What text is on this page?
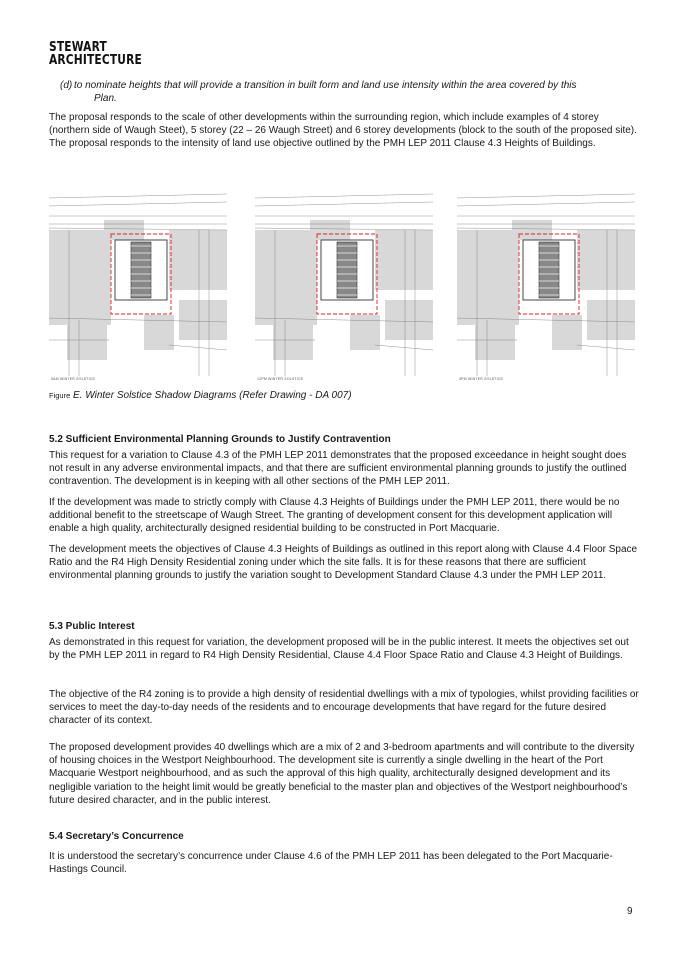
STEWART
ARCHITECTURE
(d) to nominate heights that will provide a transition in built form and land use intensity within the area covered by this
Plan.

The proposal responds to the scale of other developments within the surrounding region, which include examples of 4 storey (northern side of Waugh Steet), 5 storey (22 – 26 Waugh Street) and 6 storey developments (block to the south of the proposed site). The proposal responds to the intensity of land use objective outlined by the PMH LEP 2011 Clause 4.3 Heights of Buildings.

9AM WINTER SOLSTICE	12PM WINTER SOLSTICE	3PM WINTER SOLSTICE
Figure E. Winter Solstice Shadow Diagrams (Refer Drawing - DA 007)
5.2 Sufficient Environmental Planning Grounds to Justify Contravention

This request for a variation to Clause 4.3 of the PMH LEP 2011 demonstrates that the proposed exceedance in height sought does not result in any adverse environmental impacts, and that there are sufficient environmental planning grounds to justify the outlined contravention. The development is in keeping with all other sections of the PMH LEP 2011.

If the development was made to strictly comply with Clause 4.3 Heights of Buildings under the PMH LEP 2011, there would be no additional benefit to the streetscape of Waugh Street. The granting of development consent for this development application will enable a high quality, architecturally designed residential building to be constructed in Port Macquarie.

The development meets the objectives of Clause 4.3 Heights of Buildings as outlined in this report along with Clause 4.4 Floor Space Ratio and the R4 High Density Residential zoning under which the site falls. It is for these reasons that there are sufficient environmental planning grounds to justify the variation sought to Development Standard Clause 4.3 under the PMH LEP 2011.

5.3 Public Interest

As demonstrated in this request for variation, the development proposed will be in the public interest. It meets the objectives set out by the PMH LEP 2011 in regard to R4 High Density Residential, Clause 4.4 Floor Space Ratio and Clause 4.3 Height of Buildings.

The objective of the R4 zoning is to provide a high density of residential dwellings with a mix of typologies, whilst providing facilities or services to meet the day-to-day needs of the residents and to encourage developments that have regard for the future desired character of its context.

The proposed development provides 40 dwellings which are a mix of 2 and 3-bedroom apartments and will contribute to the diversity of housing choices in the Westport Neighbourhood. The development site is currently a single dwelling in the heart of the Port Macquarie Westport neighbourhood, and as such the approval of this high quality, architecturally designed development and its negligible variation to the height limit would be greatly beneficial to the master plan and objectives of the Westport neighbourhood’s future desired character, and in the public interest.

5.4 Secretary’s Concurrence

It is understood the secretary’s concurrence under Clause 4.6 of the PMH LEP 2011 has been delegated to the Port Macquarie-Hastings Council.

9
